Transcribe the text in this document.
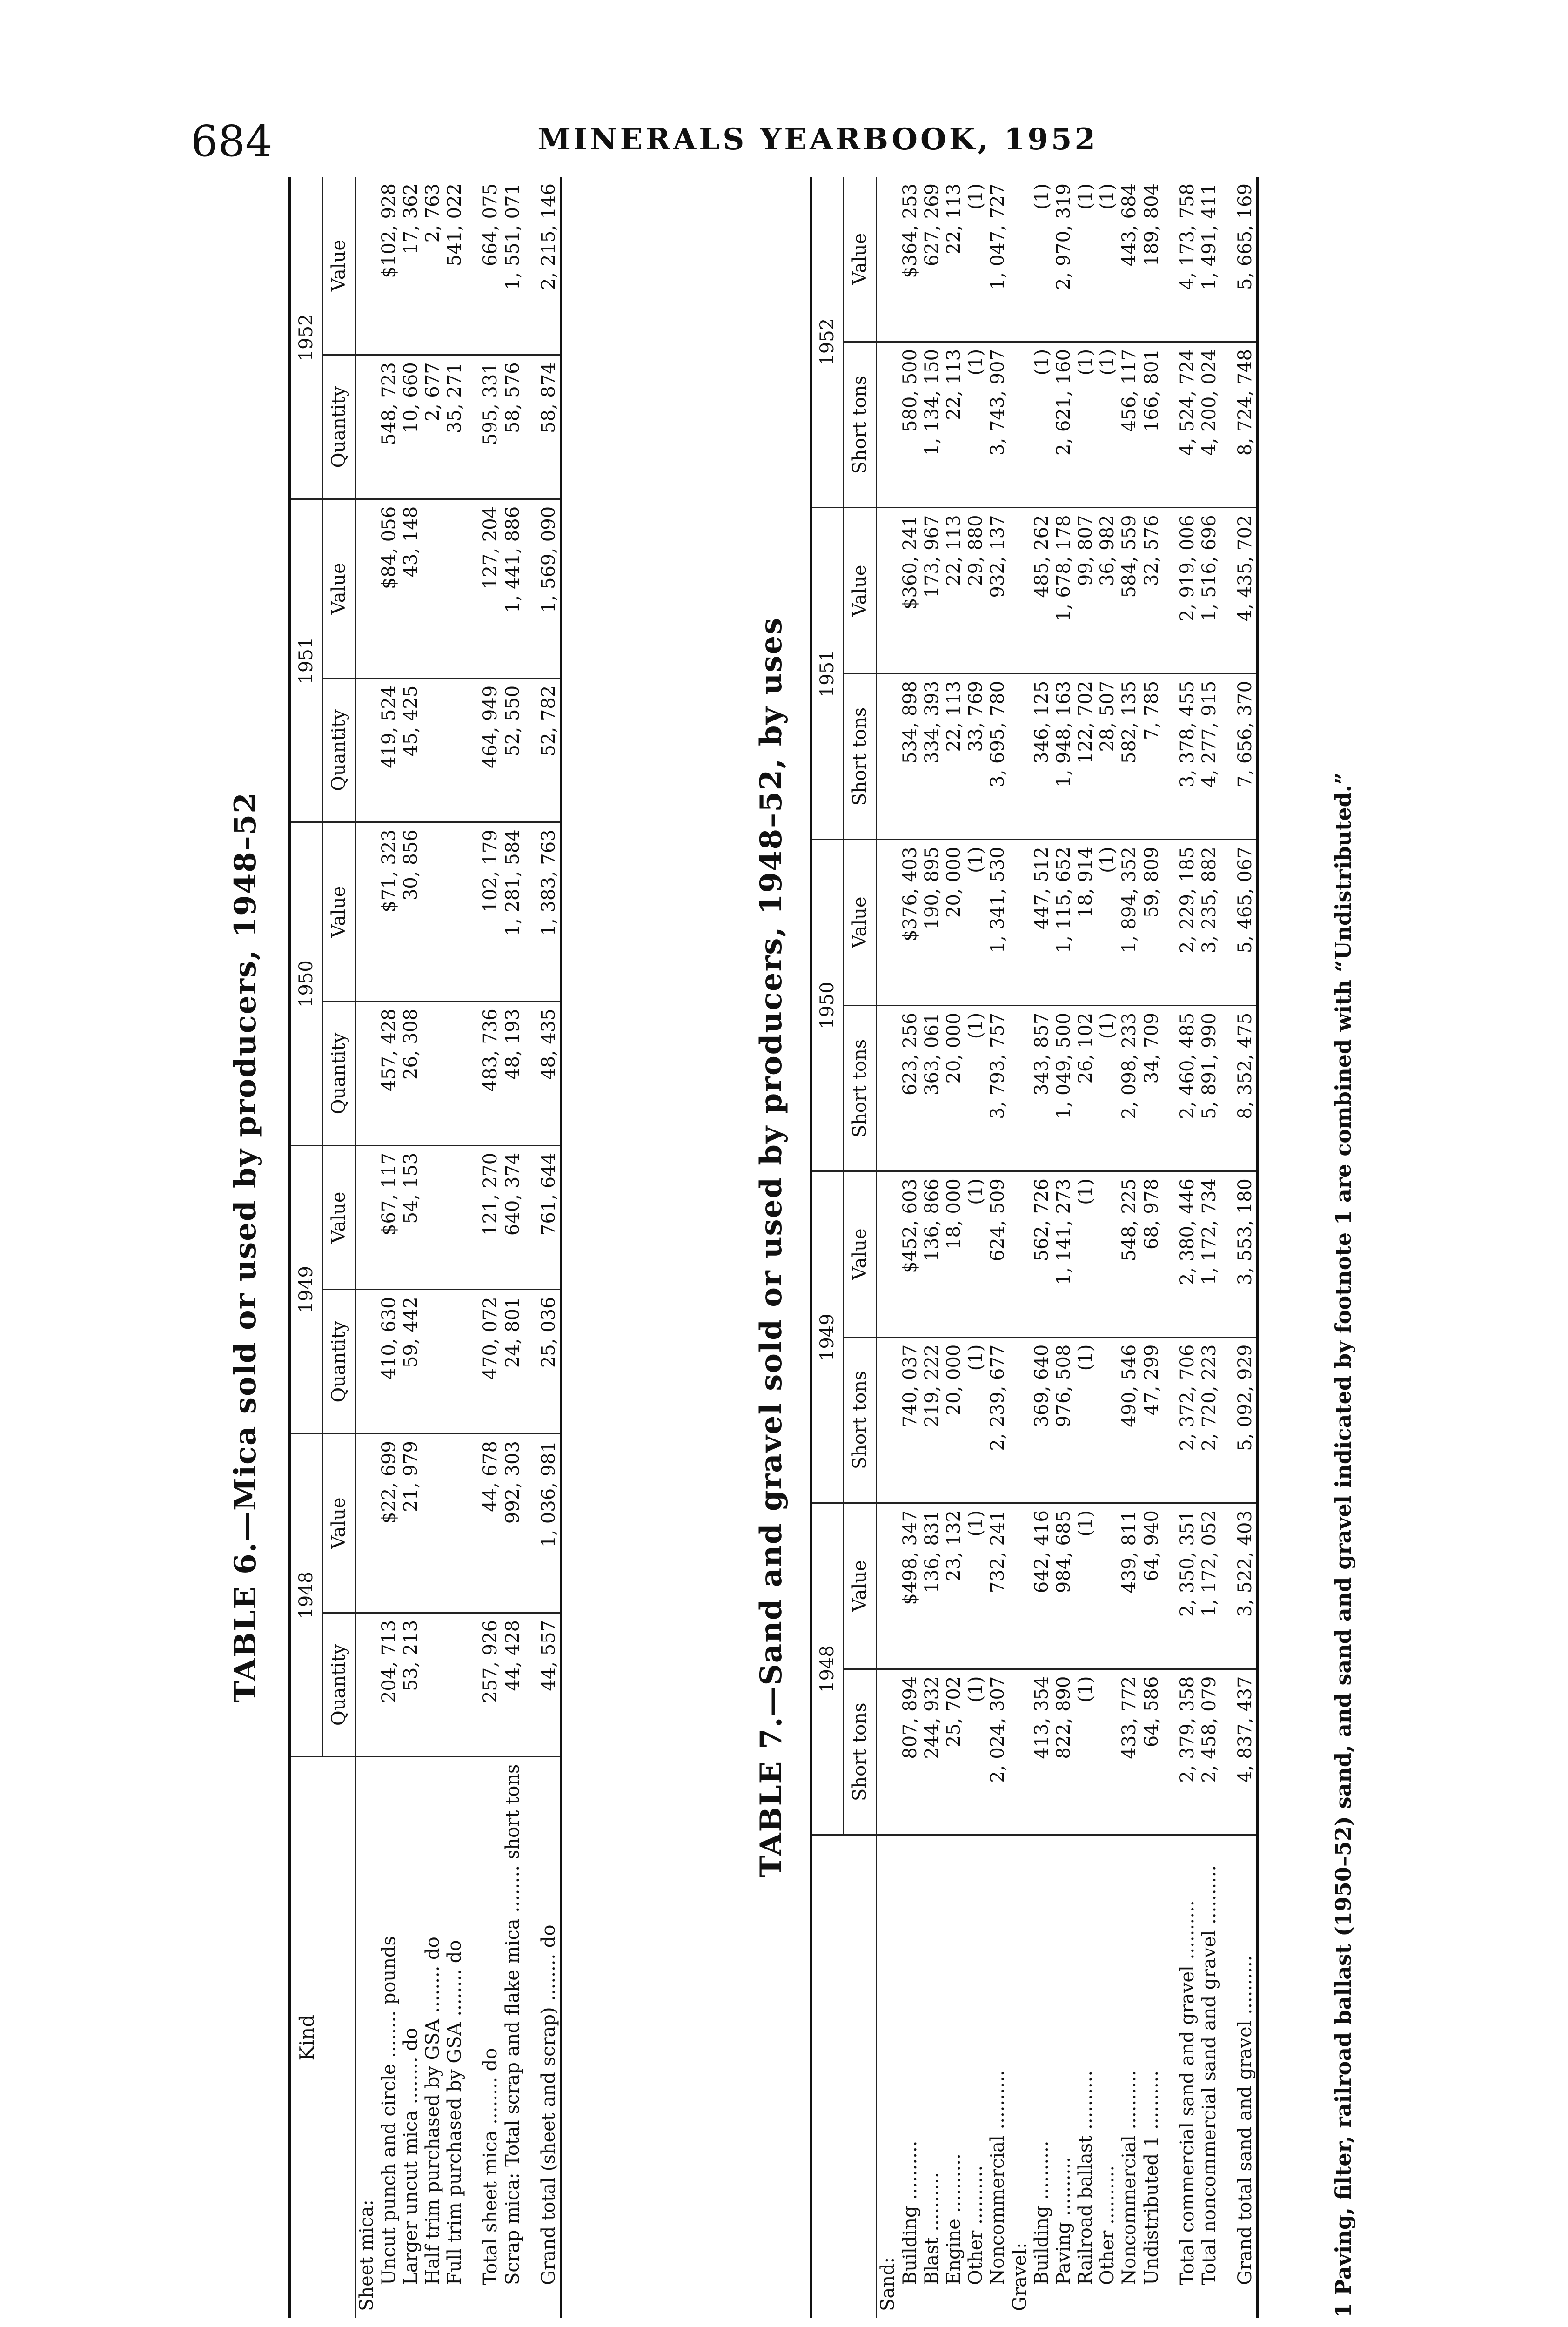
684	MINERALS YEARBOOK, 1952
TABLE 6.—Mica sold or used by producers, 1948–52
Kind	1948		1949		1950		1951		1952	
	Quantity	Value	Quantity	Value	Quantity	Value	Quantity	Value	Quantity	Value
Sheet mica:										
Uncut punch and circle ........ pounds	204, 713	$22, 699	410, 630	$67, 117	457, 428	$71, 323	419, 524	$84, 056	548, 723	$102, 928
Larger uncut mica ........ do	53, 213	21, 979	59, 442	54, 153	26, 308	30, 856	45, 425	43, 148	10, 660	17, 362
Half trim purchased by GSA ........ do									2, 677	2, 763
Full trim purchased by GSA ........ do									35, 271	541, 022

Total sheet mica ........ do	257, 926	44, 678	470, 072	121, 270	483, 736	102, 179	464, 949	127, 204	595, 331	664, 075
Scrap mica: Total scrap and flake mica ........ short tons	44, 428	992, 303	24, 801	640, 374	48, 193	1, 281, 584	52, 550	1, 441, 886	58, 576	1, 551, 071

Grand total (sheet and scrap) ........ do	44, 557	1, 036, 981	25, 036	761, 644	48, 435	1, 383, 763	52, 782	1, 569, 090	58, 874	2, 215, 146
TABLE 7.—Sand and gravel sold or used by producers, 1948–52, by uses
	1948		1949		1950		1951		1952	
	Short tons	Value	Short tons	Value	Short tons	Value	Short tons	Value	Short tons	Value
Sand:										
Building ..........	807, 894	$498, 347	740, 037	$452, 603	623, 256	$376, 403	534, 898	$360, 241	580, 500	$364, 253
Blast ..........	244, 932	136, 831	219, 222	136, 866	363, 061	190, 895	334, 393	173, 967	1, 134, 150	627, 269
Engine ..........	25, 702	23, 132	20, 000	18, 000	20, 000	20, 000	22, 113	22, 113	22, 113	22, 113
Other ..........	(1)	(1)	(1)	(1)	(1)	(1)	33, 769	29, 880	(1)	(1)
Noncommercial ..........	2, 024, 307	732, 241	2, 239, 677	624, 509	3, 793, 757	1, 341, 530	3, 695, 780	932, 137	3, 743, 907	1, 047, 727
Gravel:										
Building ..........	413, 354	642, 416	369, 640	562, 726	343, 857	447, 512	346, 125	485, 262	(1)	(1)
Paving ..........	822, 890	984, 685	976, 508	1, 141, 273	1, 049, 500	1, 115, 652	1, 948, 163	1, 678, 178	2, 621, 160	2, 970, 319
Railroad ballast ..........	(1)	(1)	(1)	(1)	26, 102	18, 914	122, 702	99, 807	(1)	(1)
Other ..........					(1)	(1)	28, 507	36, 982	(1)	(1)
Noncommercial ..........	433, 772	439, 811	490, 546	548, 225	2, 098, 233	1, 894, 352	582, 135	584, 559	456, 117	443, 684
Undistributed 1 ..........	64, 586	64, 940	47, 299	68, 978	34, 709	59, 809	7, 785	32, 576	166, 801	189, 804

Total commercial sand and gravel ..........	2, 379, 358	2, 350, 351	2, 372, 706	2, 380, 446	2, 460, 485	2, 229, 185	3, 378, 455	2, 919, 006	4, 524, 724	4, 173, 758
Total noncommercial sand and gravel ..........	2, 458, 079	1, 172, 052	2, 720, 223	1, 172, 734	5, 891, 990	3, 235, 882	4, 277, 915	1, 516, 696	4, 200, 024	1, 491, 411

Grand total sand and gravel ..........	4, 837, 437	3, 522, 403	5, 092, 929	3, 553, 180	8, 352, 475	5, 465, 067	7, 656, 370	4, 435, 702	8, 724, 748	5, 665, 169
1 Paving, filter, railroad ballast (1950–52) sand, and sand and gravel indicated by footnote 1 are combined with “Undistributed.”
